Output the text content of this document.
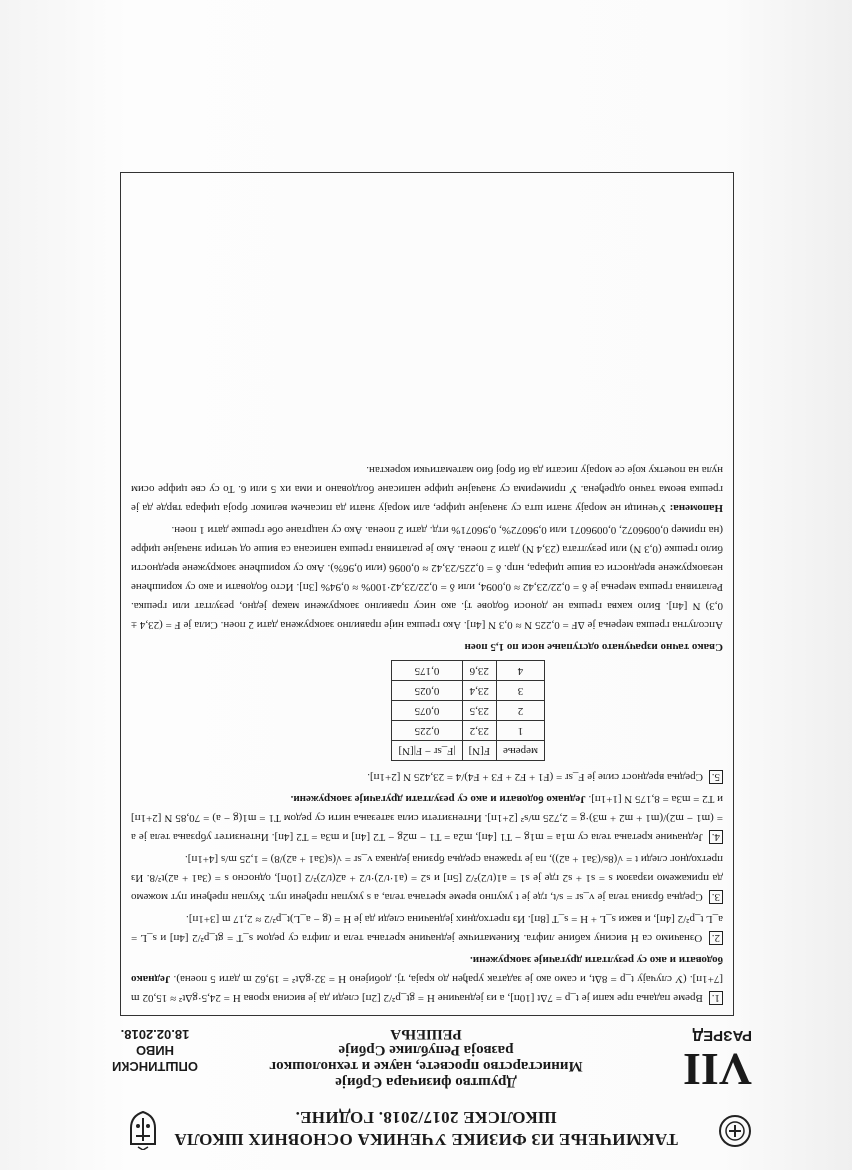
ТАКМИЧЕЊЕ ИЗ ФИЗИКЕ УЧЕНИКА ОСНОВНИХ ШКОЛА
ШКОЛСКЕ 2017/2018. ГОДИНЕ.
VII
РАЗРЕД
Друштво физичара Србије
Министарство просвете, науке и технолошког
развоја Републике Србије
РЕШЕЊА
ОПШТИНСКИ
НИВО
18.02.2018.

1. Време падања пре капи је t_p = 7Δt [10п], а из једначине H = gt_p²/2 [2п] следи да је висина крова H = 24,5·gΔt² ≈ 15,02 m [7+1п]. (У случају t_p = 8Δt, и само ако је задатак урађен до краја, тј. добијено H = 32·gΔt² = 19,62 m дати 5 поена). Једнако бодовати и ако су резултати другачије заокружени.

2. Означимо са H висину кабине лифта. Кинематичке једначине кретања тела и лифта су редом s_T = gt_p²/2 [4п] и s_L = a_L t_p²/2 [4п], и важи s_L + H = s_T [8п]. Из претходних једначина следи да је H = (g − a_L)t_p²/2 ≈ 2,17 m [3+1п].

3. Средња брзина тела је v_sr = s/t, где је t укупно време кретања тела, а s укупан пређени пут. Укупан пређени пут можемо да прикажемо изразом s = s1 + s2 где је s1 = a1(t/2)²/2 [5п] и s2 = (a1·t/2)·t/2 + a2(t/2)²/2 [10п], односно s = (3a1 + a2)t²/8. Из претходног следи t = √(8s/(3a1 + a2)), па је тражена средња брзина једнака v_sr = √(s(3a1 + a2)/8) = 1,25 m/s [4+1п].

4. Једначине кретања тела су m1a = m1g − T1 [4п], m2a = T1 − m2g − T2 [4п] и m3a = T2 [4п]. Интензитет убрзања тела је a = (m1 − m2)/(m1 + m2 + m3)·g = 2,725 m/s² [2+1п]. Интензитети сила затезања нити су редом T1 = m1(g − a) = 70,85 N [2+1п] и T2 = m3a = 8,175 N [1+1п]. Једнако бодовати и ако су резултати другачије заокружени.

5. Средња вредност силе је F_sr = (F1 + F2 + F3 + F4)/4 = 23,425 N [2+1п].

мерење	F[N]	|F_sr − F|[N]
1	23,2	0,225
2	23,5	0,075
3	23,4	0,025
4	23,6	0,175

Свако тачно израчунато одступање носи по 1,5 поен

Апсолутна грешка мерења је ΔF = 0,225 N ≈ 0,3 N [4п]. Ако грешка није правилно заокружена дати 2 поен. Сила је F = (23,4 ± 0,3) N [4п]. Било каква грешка не доноси бодове тј. ако нису правилно заокружени макар једно, резултат или грешка. Релативна грешка мерења је δ = 0,22/23,42 ≈ 0,0094, или δ = 0,22/23,42·100% ≈ 0,94% [3п]. Исто бодовати и ако су коришћене незаокружене вредности са више цифара, нпр. δ = 0,225/23,42 ≈ 0,0096 (или 0,96%). Ако су коришћене заокружене вредности било грешке (0,3 N) или резултата (23,4 N) дати 2 поена. Ако је релативна грешка написана са више од четири значајне цифре (на пример 0,0096072, 0,0096071 или 0,96072%, 0,96071% итд. дати 2 поена. Ако су нацртане обе грешке дати 1 поен.

Напомена: Ученици не морају знати шта су значајне цифре, али морају знати да писањем великог броја цифара тврде да је грешка веома тачно одређена. У примерима су значајне цифре написане болдовано и има их 5 или 6. То су све цифре осим нула на почетку које се морају писати да би број био математички коректан.
